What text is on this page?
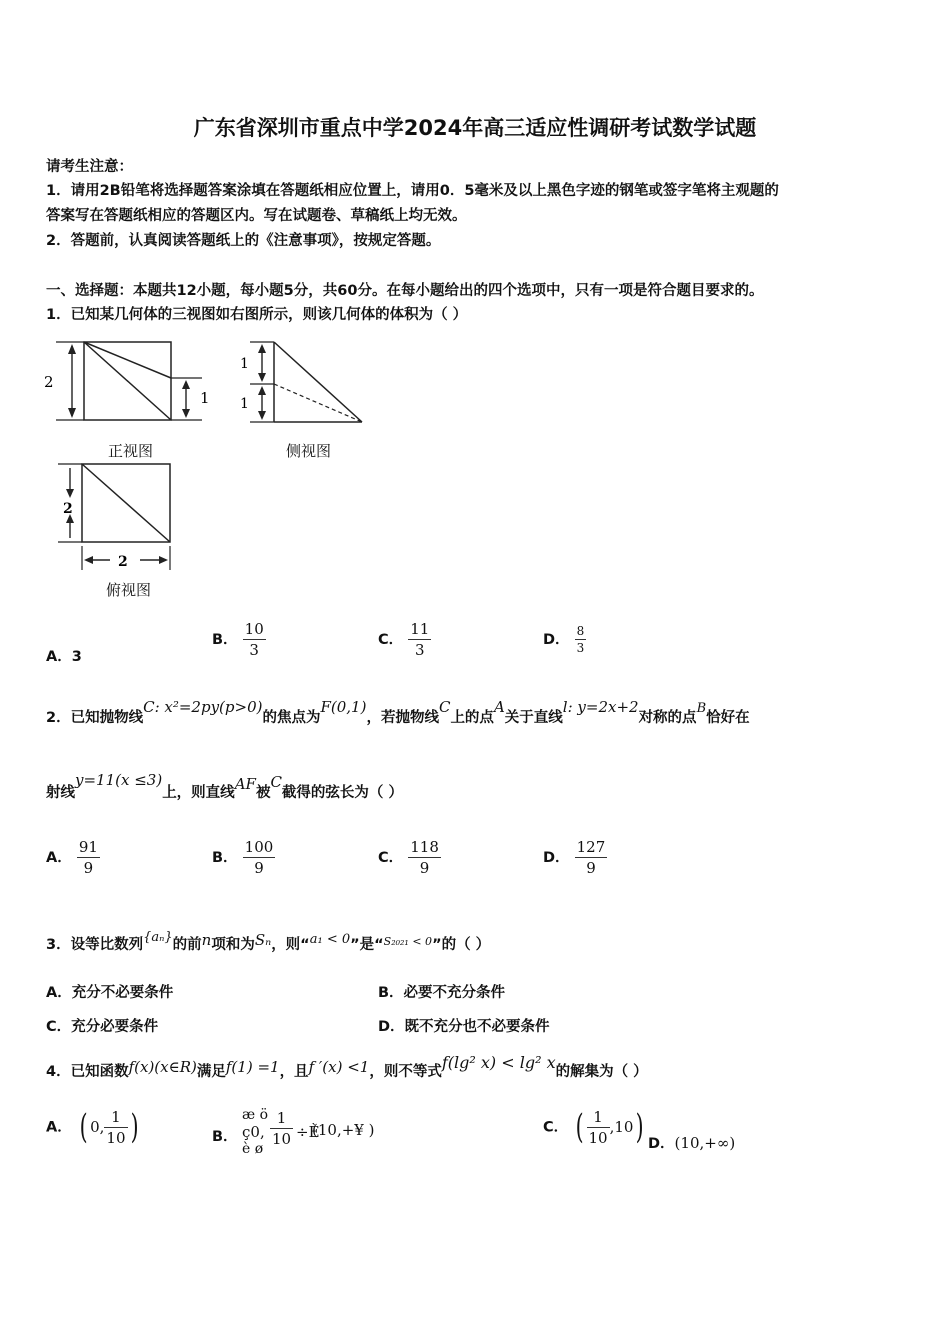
广东省深圳市重点中学2024年高三适应性调研考试数学试题
请考生注意：
1．请用2B铅笔将选择题答案涂填在答题纸相应位置上，请用0．5毫米及以上黑色字迹的钢笔或签字笔将主观题的
答案写在答题纸相应的答题区内。写在试题卷、草稿纸上均无效。
2．答题前，认真阅读答题纸上的《注意事项》，按规定答题。
一、选择题：本题共12小题，每小题5分，共60分。在每小题给出的四个选项中，只有一项是符合题目要求的。
1．已知某几何体的三视图如右图所示，则该几何体的体积为（ ）
2
1
正视图
1
1
侧视图
2
2
俯视图
A．3
B． $\frac{10}{3}$	C． $\frac{11}{3}$	D． $\frac{8}{3}$
2．已知抛物线C: x²=2py(p>0)的焦点为F(0,1)，若抛物线C上的点A关于直线l: y=2x+2对称的点$^B$恰好在
射线y=11(x ≤3)上，则直线AF被C截得的弦长为（ ）
A． $\frac{91}{9}$	B． $\frac{100}{9}$	C． $\frac{118}{9}$	D． $\frac{127}{9}$
3．设等比数列$^{\{a_n\}}$的前n项和为Sₙ，则“$^{a_1 < 0}$”是“$^{S_{2021} < 0}$”的（ ）
A．充分不必要条件	B．必要不充分条件
C．充分必要条件	D．既不充分也不必要条件
4．已知函数f(x)(x∈R)满足f(1) =1，且f ′(x) <1，则不等式f(lg² x) < lg² x的解集为（ ）
A． ( 0, $\frac{1}{10}$ )	B．
æ ö
ç0, $\frac{1}{10}$ ÷È
(10,+¥ )
è ø
C． ( $\frac{1}{10} ,10$) D．(10,+∞)
